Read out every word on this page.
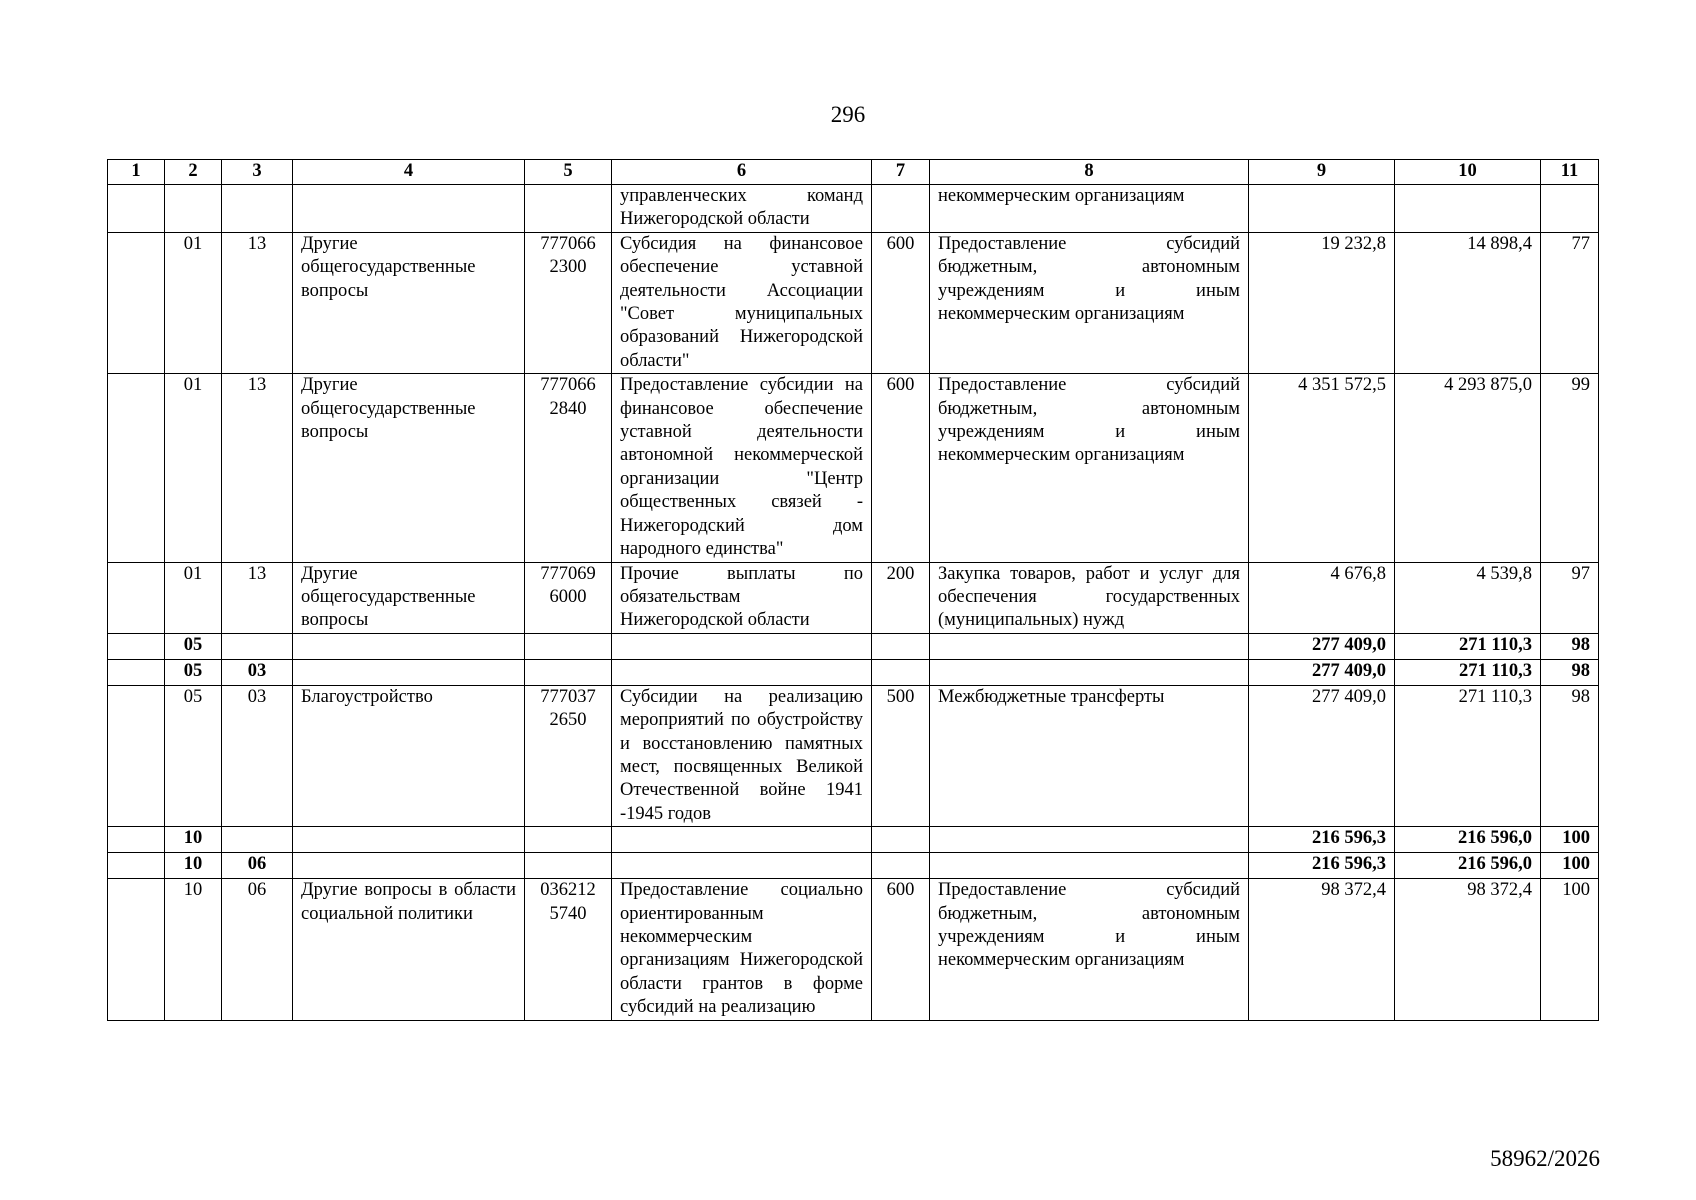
296
1	2	3	4	5	6	7	8	9	10	11
					управленческих команд Нижегородской области		некоммерческим организациям			
	01	13	Другие общегосударственные вопросы	777066 2300	Субсидия на финансовое обеспечение уставной деятельности Ассоциации "Совет муниципальных образований Нижегородской области"	600	Предоставление субсидий бюджетным, автономным учреждениям и иным некоммерческим организациям	19 232,8	14 898,4	77
	01	13	Другие общегосударственные вопросы	777066 2840	Предоставление субсидии на финансовое обеспечение уставной деятельности автономной некоммерческой организации "Центр общественных связей - Нижегородский дом народного единства"	600	Предоставление субсидий бюджетным, автономным учреждениям и иным некоммерческим организациям	4 351 572,5	4 293 875,0	99
	01	13	Другие общегосударственные вопросы	777069 6000	Прочие выплаты по обязательствам Нижегородской области	200	Закупка товаров, работ и услуг для обеспечения государственных (муниципальных) нужд	4 676,8	4 539,8	97
	05							277 409,0	271 110,3	98
	05	03						277 409,0	271 110,3	98
	05	03	Благоустройство	777037 2650	Субсидии на реализацию мероприятий по обустройству и восстановлению памятных мест, посвященных Великой Отечественной войне 1941 -1945 годов	500	Межбюджетные трансферты	277 409,0	271 110,3	98
	10							216 596,3	216 596,0	100
	10	06						216 596,3	216 596,0	100
	10	06	Другие вопросы в области социальной политики	036212 5740	Предоставление социально ориентированным некоммерческим организациям Нижегородской области грантов в форме субсидий на реализацию	600	Предоставление субсидий бюджетным, автономным учреждениям и иным некоммерческим организациям	98 372,4	98 372,4	100
58962/2026
